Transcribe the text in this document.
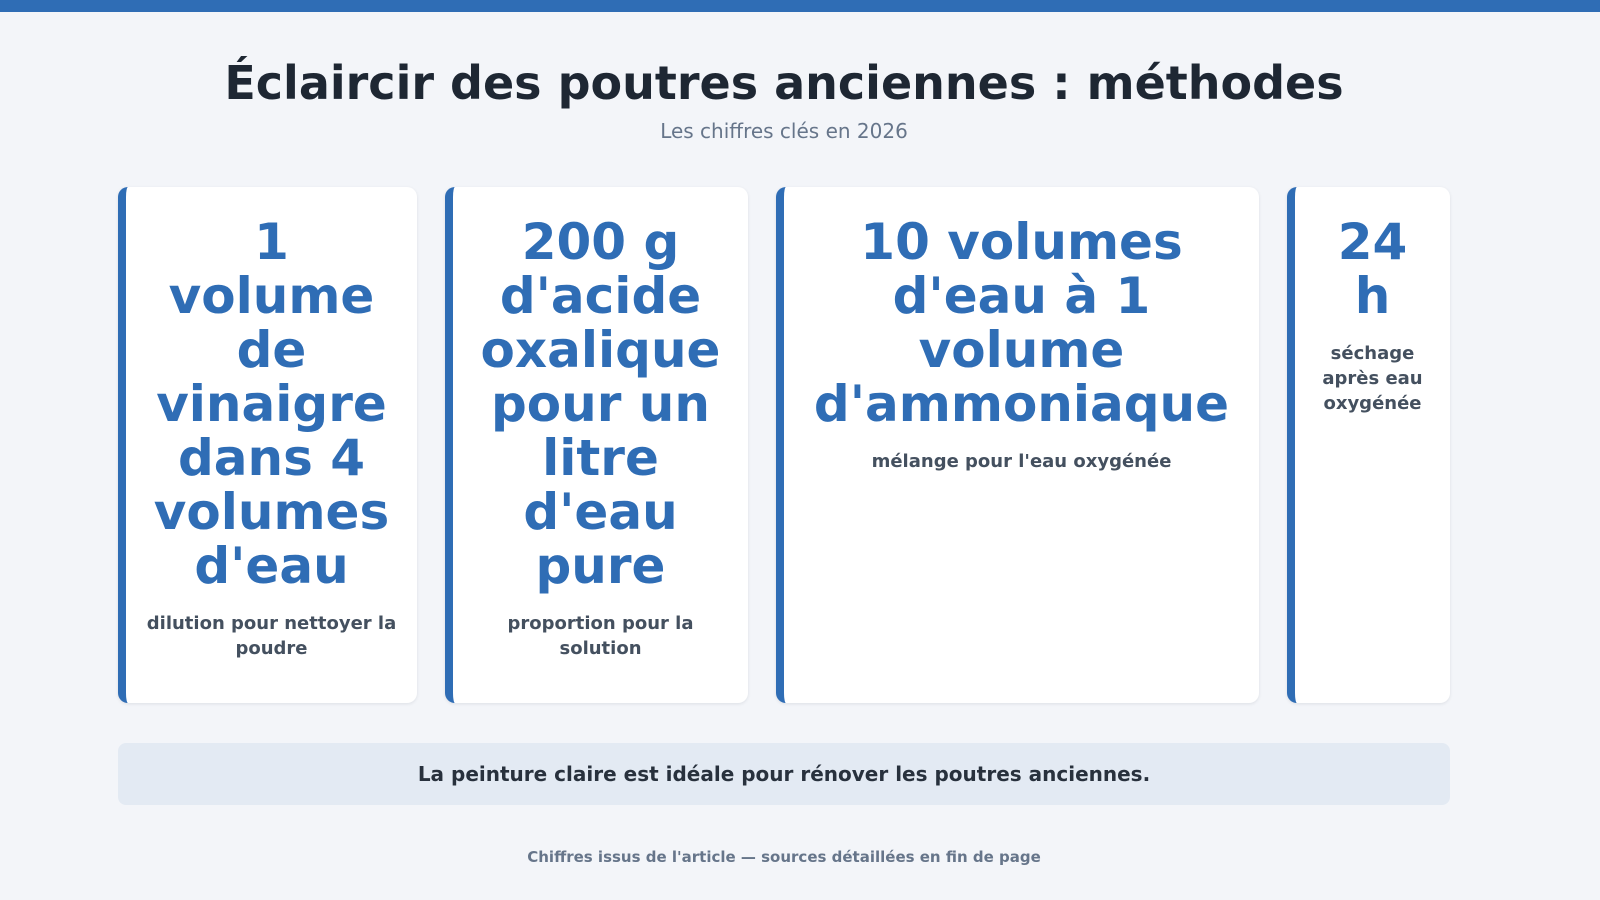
Éclaircir des poutres anciennes : méthodes
Les chiffres clés en 2026
1 volume de vinaigre dans 4 volumes d'eau
dilution pour nettoyer la poudre
200 g d'acide oxalique pour un litre d'eau pure
proportion pour la solution
10 volumes d'eau à 1 volume d'ammoniaque
mélange pour l'eau oxygénée
24 h
séchage après eau oxygénée
La peinture claire est idéale pour rénover les poutres anciennes.
Chiffres issus de l'article — sources détaillées en fin de page
